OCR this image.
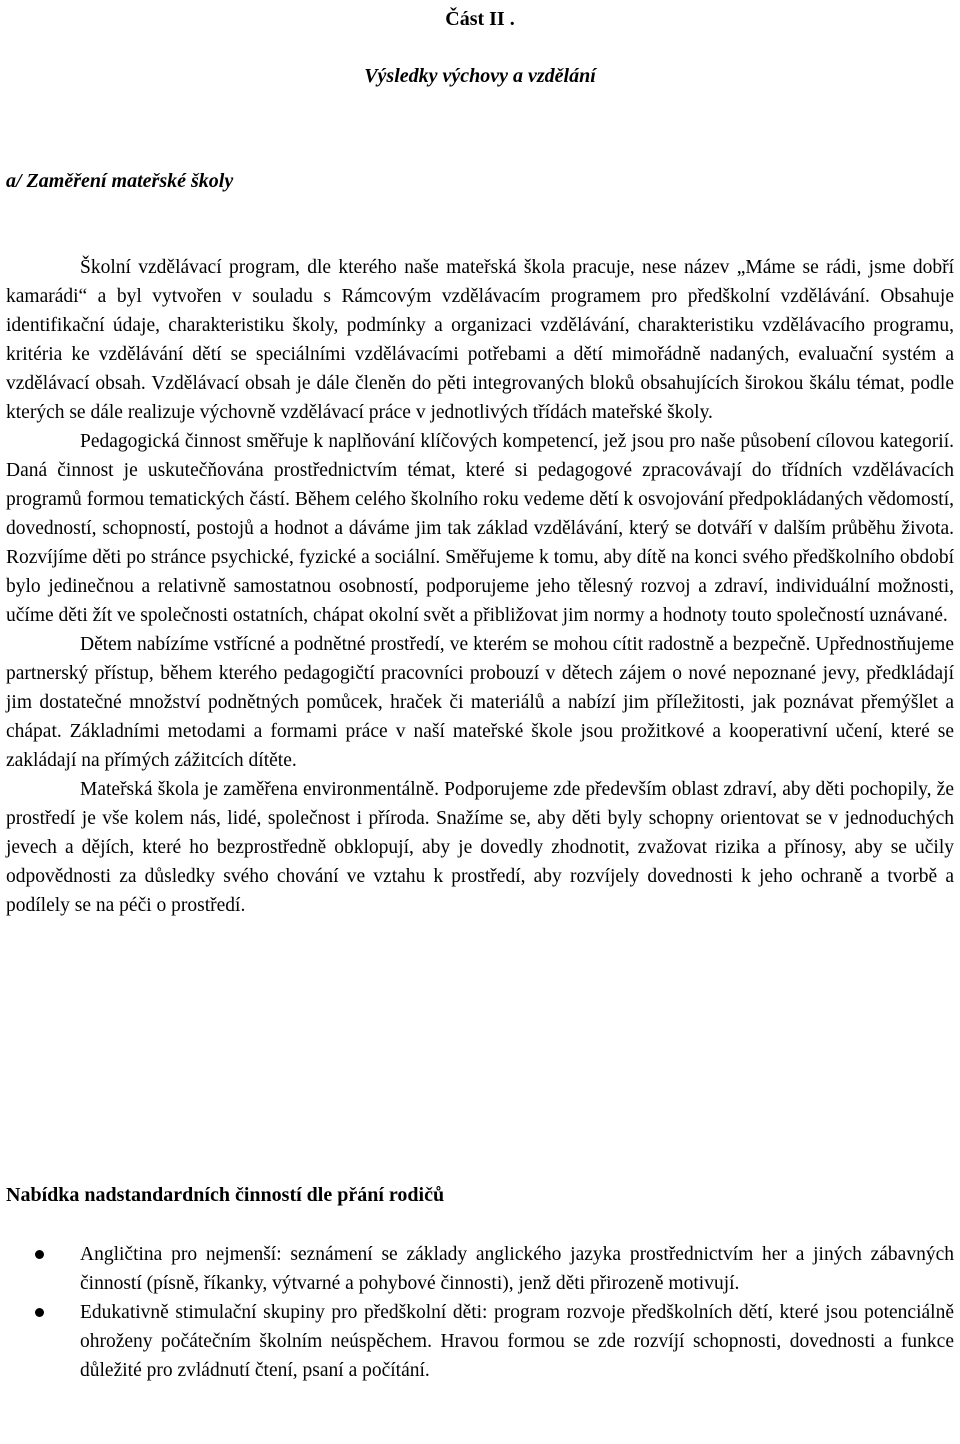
Část II .
Výsledky výchovy a vzdělání
a/ Zaměření mateřské školy

Školní vzdělávací program, dle kterého naše mateřská škola pracuje, nese název „Máme se rádi, jsme dobří kamarádi“ a byl vytvořen v souladu s Rámcovým vzdělávacím programem pro předškolní vzdělávání. Obsahuje identifikační údaje, charakteristiku školy, podmínky a organizaci vzdělávání, charakteristiku vzdělávacího programu, kritéria ke vzdělávání dětí se speciálními vzdělávacími potřebami a dětí mimořádně nadaných, evaluační systém a vzdělávací obsah. Vzdělávací obsah je dále členěn do pěti integrovaných bloků obsahujících širokou škálu témat, podle kterých se dále realizuje výchovně vzdělávací práce v jednotlivých třídách mateřské školy.

Pedagogická činnost směřuje k naplňování klíčových kompetencí, jež jsou pro naše působení cílovou kategorií. Daná činnost je uskutečňována prostřednictvím témat, které si pedagogové zpracovávají do třídních vzdělávacích programů formou tematických částí. Během celého školního roku vedeme dětí k osvojování předpokládaných vědomostí, dovedností, schopností, postojů a hodnot a dáváme jim tak základ vzdělávání, který se dotváří v dalším průběhu života. Rozvíjíme děti po stránce psychické, fyzické a sociální. Směřujeme k tomu, aby dítě na konci svého předškolního období bylo jedinečnou a relativně samostatnou osobností, podporujeme jeho tělesný rozvoj a zdraví, individuální možnosti, učíme děti žít ve společnosti ostatních, chápat okolní svět a přibližovat jim normy a hodnoty touto společností uznávané.

Dětem nabízíme vstřícné a podnětné prostředí, ve kterém se mohou cítit radostně a bezpečně. Upřednostňujeme partnerský přístup, během kterého pedagogičtí pracovníci probouzí v dětech zájem o nové nepoznané jevy, předkládají jim dostatečné množství podnětných pomůcek, hraček či materiálů a nabízí jim příležitosti, jak poznávat přemýšlet a chápat. Základními metodami a formami práce v naší mateřské škole jsou prožitkové a kooperativní učení, které se zakládají na přímých zážitcích dítěte.

Mateřská škola je zaměřena environmentálně. Podporujeme zde především oblast zdraví, aby děti pochopily, že prostředí je vše kolem nás, lidé, společnost i příroda. Snažíme se, aby děti byly schopny orientovat se v jednoduchých jevech a dějích, které ho bezprostředně obklopují, aby je dovedly zhodnotit, zvažovat rizika a přínosy, aby se učily odpovědnosti za důsledky svého chování ve vztahu k prostředí, aby rozvíjely dovednosti k jeho ochraně a tvorbě a podílely se na péči o prostředí.

Nabídka nadstandardních činností dle přání rodičů
Angličtina pro nejmenší: seznámení se základy anglického jazyka prostřednictvím her a jiných zábavných činností (písně, říkanky, výtvarné a pohybové činnosti), jenž děti přirozeně motivují.
Edukativně stimulační skupiny pro předškolní děti: program rozvoje předškolních dětí, které jsou potenciálně ohroženy počátečním školním neúspěchem. Hravou formou se zde rozvíjí schopnosti, dovednosti a funkce důležité pro zvládnutí čtení, psaní a počítání.
